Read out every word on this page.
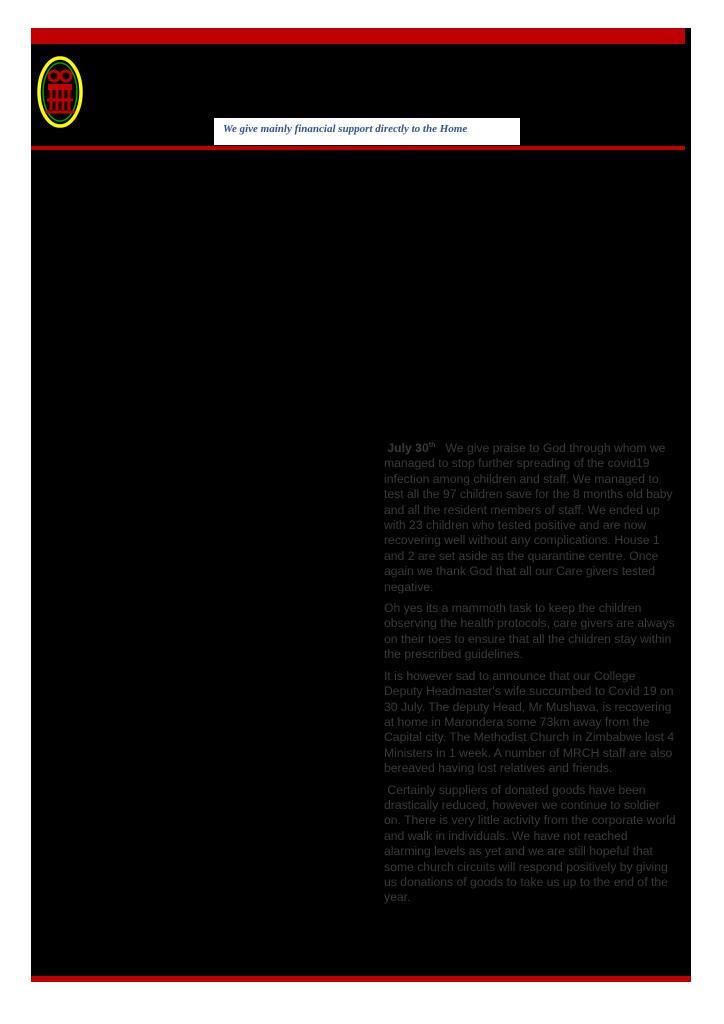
We give mainly financial support directly to the Home

July 30th We give praise to God through whom we managed to stop further spreading of the covid19 infection among children and staff. We managed to test all the 97 children save for the 8 months old baby and all the resident members of staff. We ended up with 23 children who tested positive and are now recovering well without any complications. House 1 and 2 are set aside as the quarantine centre. Once again we thank God that all our Care givers tested negative.

Oh yes its a mammoth task to keep the children observing the health protocols, care givers are always on their toes to ensure that all the children stay within the prescribed guidelines.

It is however sad to announce that our College Deputy Headmaster's wife succumbed to Covid 19 on 30 July. The deputy Head, Mr Mushava, is recovering at home in Marondera some 73km away from the Capital city. The Methodist Church in Zimbabwe lost 4 Ministers in 1 week. A number of MRCH staff are also bereaved having lost relatives and friends.

Certainly suppliers of donated goods have been drastically reduced, however we continue to soldier on. There is very little activity from the corporate world and walk in individuals. We have not reached alarming levels as yet and we are still hopeful that some church circuits will respond positively by giving us donations of goods to take us up to the end of the year.
